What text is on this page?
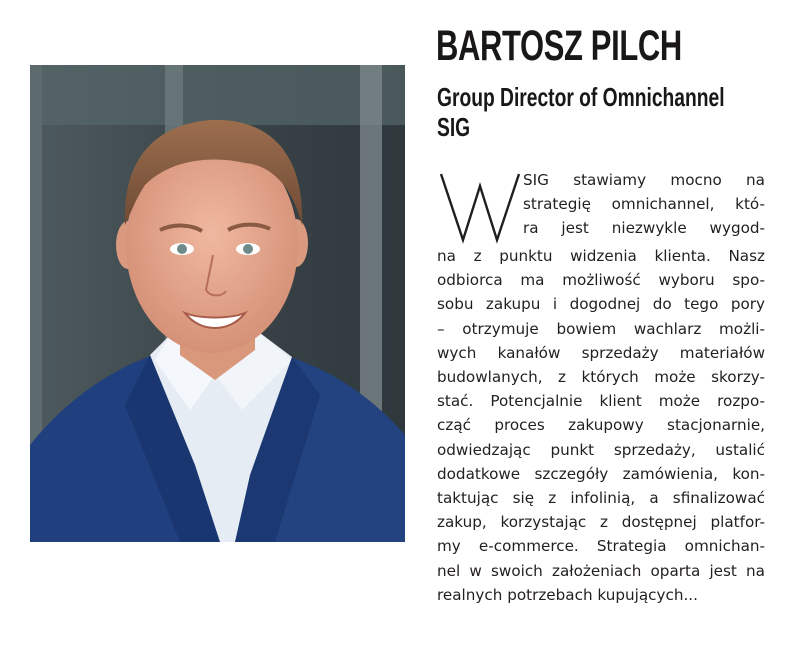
BARTOSZ PILCH
Group Director of Omnichannel
SIG
SIG stawiamy mocno na
strategię omnichannel, któ-
ra jest niezwykle wygod-
na z punktu widzenia klienta. Nasz
odbiorca ma możliwość wyboru spo-
sobu zakupu i dogodnej do tego pory
– otrzymuje bowiem wachlarz możli-
wych kanałów sprzedaży materiałów
budowlanych, z których może skorzy-
stać. Potencjalnie klient może rozpo-
cząć proces zakupowy stacjonarnie,
odwiedzając punkt sprzedaży, ustalić
dodatkowe szczegóły zamówienia, kon-
taktując się z infolinią, a sfinalizować
zakup, korzystając z dostępnej platfor-
my e-commerce. Strategia omnichan-
nel w swoich założeniach oparta jest na
realnych potrzebach kupujących...
